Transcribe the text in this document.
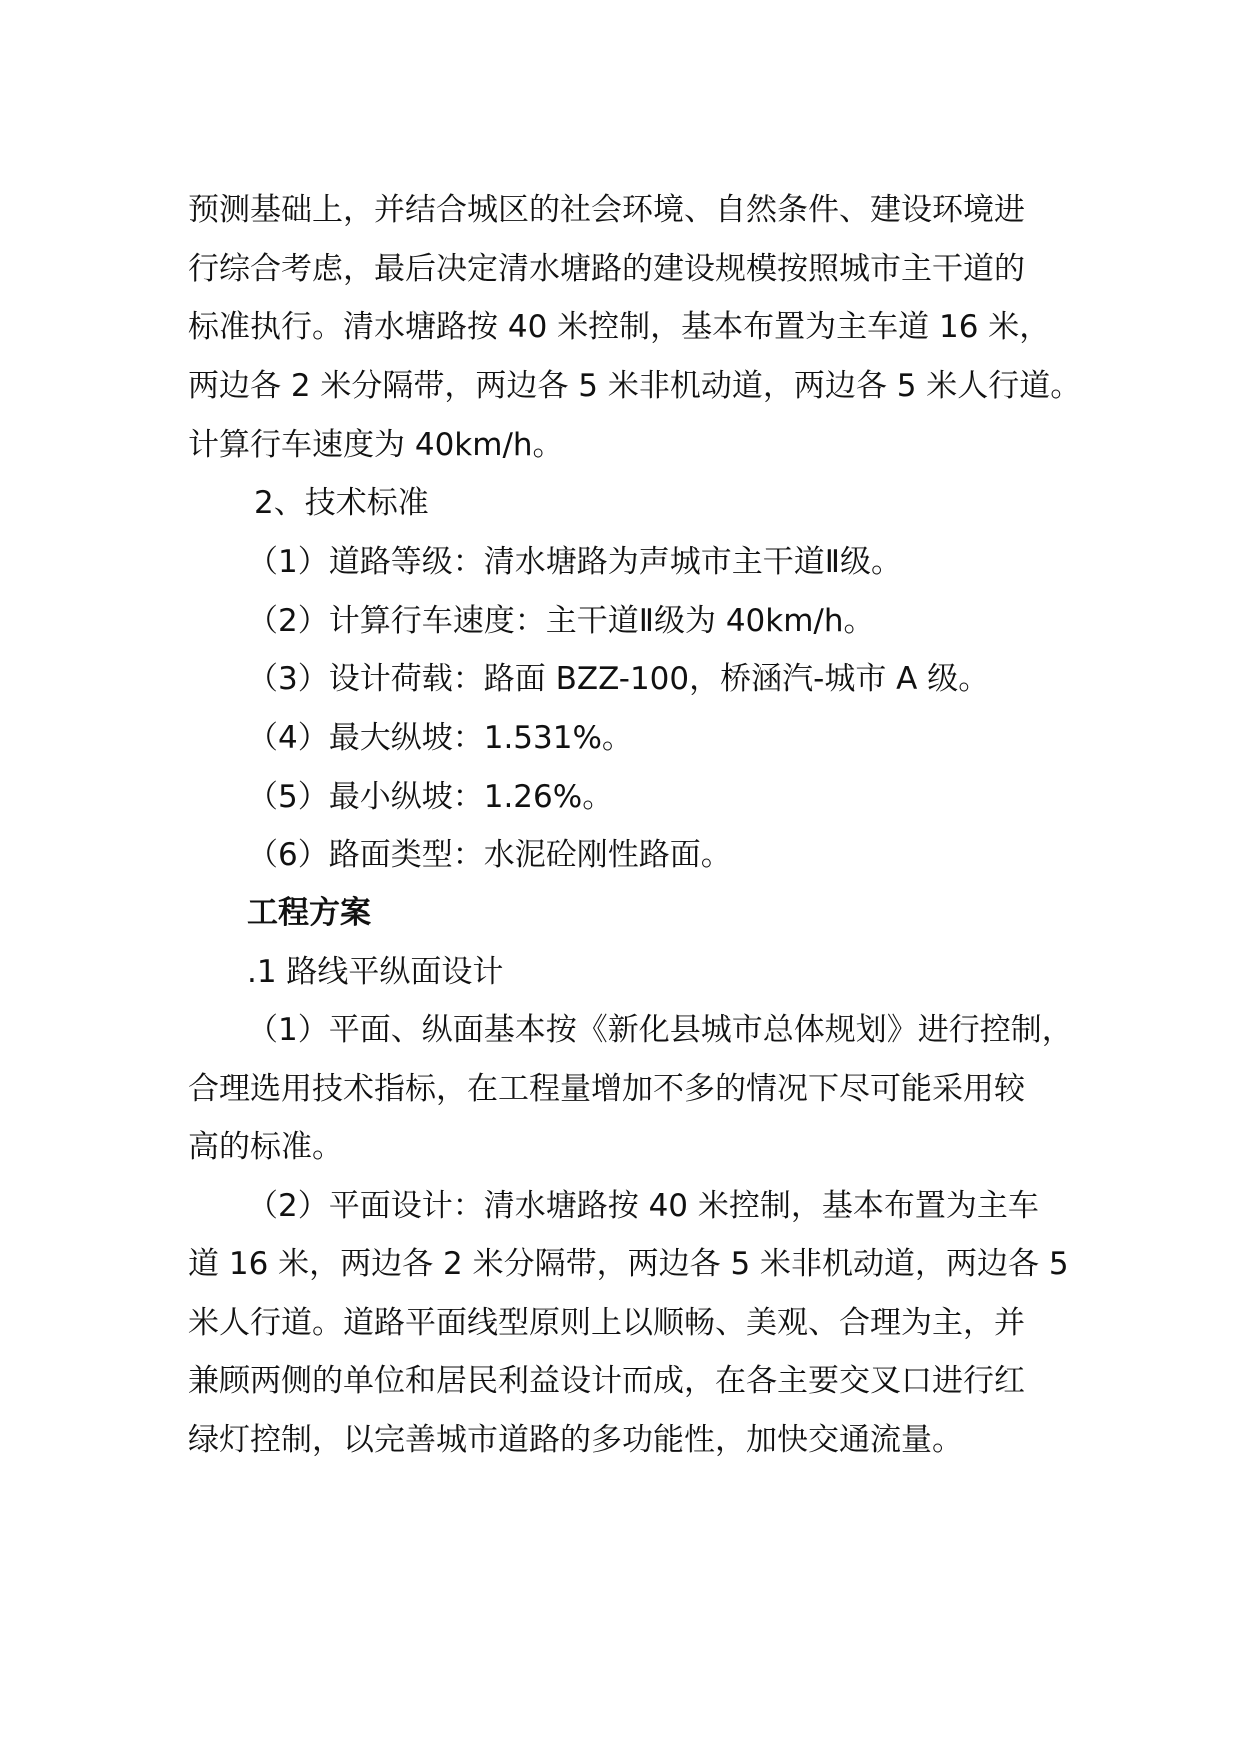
预测基础上，并结合城区的社会环境、自然条件、建设环境进
行综合考虑，最后决定清水塘路的建设规模按照城市主干道的
标准执行。清水塘路按 40 米控制，基本布置为主车道 16 米，
两边各 2 米分隔带，两边各 5 米非机动道，两边各 5 米人行道。
计算行车速度为 40km/h。
2、技术标准
（1）道路等级：清水塘路为声城市主干道Ⅱ级。
（2）计算行车速度：主干道Ⅱ级为 40km/h。
（3）设计荷载：路面 BZZ-100，桥涵汽-城市 A 级。
（4）最大纵坡：1.531%。
（5）最小纵坡：1.26%。
（6）路面类型：水泥砼刚性路面。
工程方案
.1 路线平纵面设计
（1）平面、纵面基本按《新化县城市总体规划》进行控制，
合理选用技术指标，在工程量增加不多的情况下尽可能采用较
高的标准。
（2）平面设计：清水塘路按 40 米控制，基本布置为主车
道 16 米，两边各 2 米分隔带，两边各 5 米非机动道，两边各 5
米人行道。道路平面线型原则上以顺畅、美观、合理为主，并
兼顾两侧的单位和居民利益设计而成，在各主要交叉口进行红
绿灯控制，以完善城市道路的多功能性，加快交通流量。
